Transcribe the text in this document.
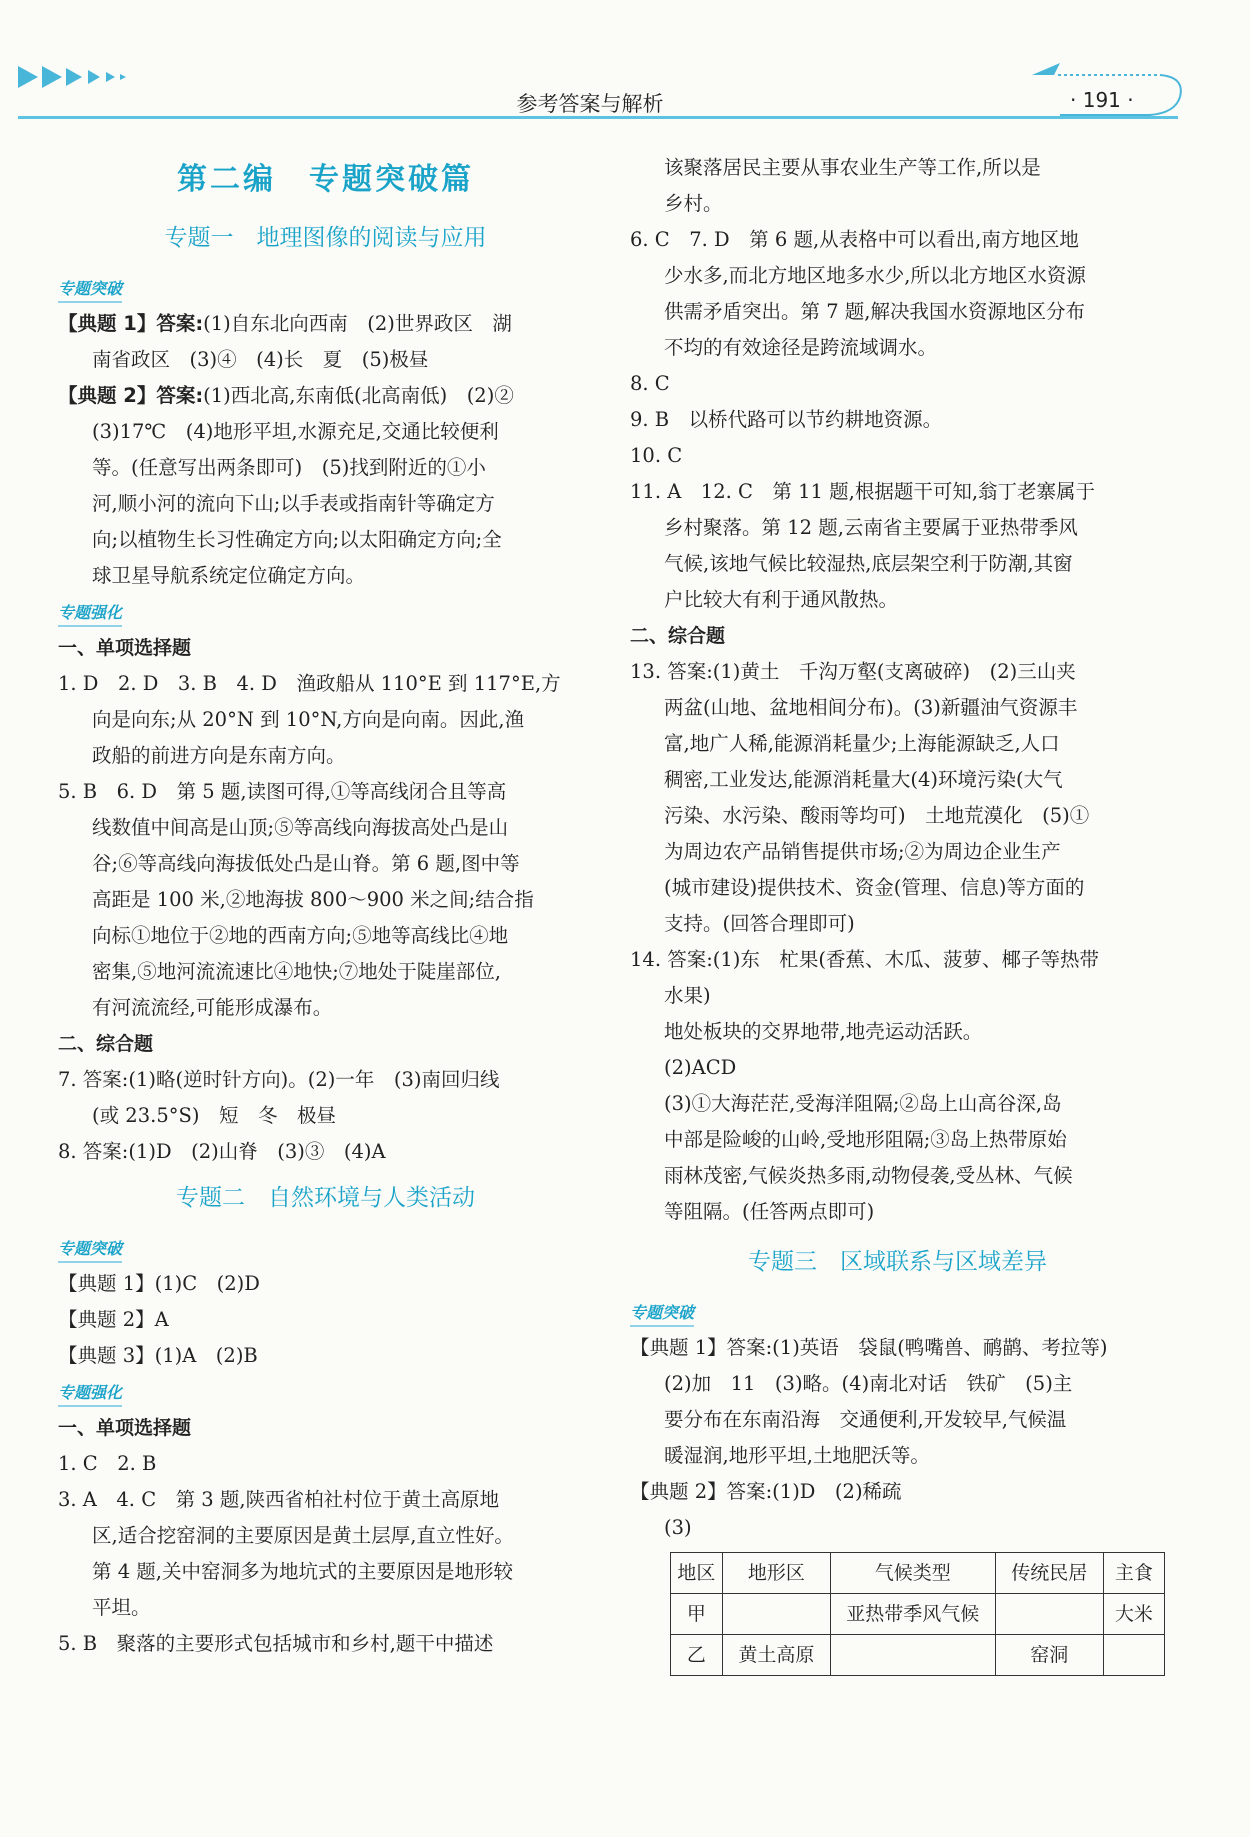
参考答案与解析	· 191 ·
第二编　专题突破篇
专题一　地理图像的阅读与应用
专题突破

【典题 1】答案:(1)自东北向西南　(2)世界政区　湖

南省政区　(3)④　(4)长　夏　(5)极昼

【典题 2】答案:(1)西北高,东南低(北高南低)　(2)②

(3)17℃　(4)地形平坦,水源充足,交通比较便利

等。(任意写出两条即可)　(5)找到附近的①小

河,顺小河的流向下山;以手表或指南针等确定方

向;以植物生长习性确定方向;以太阳确定方向;全

球卫星导航系统定位确定方向。

专题强化

一、单项选择题

1. D　2. D　3. B　4. D　渔政船从 110°E 到 117°E,方

向是向东;从 20°N 到 10°N,方向是向南。因此,渔

政船的前进方向是东南方向。

5. B　6. D　第 5 题,读图可得,①等高线闭合且等高

线数值中间高是山顶;⑤等高线向海拔高处凸是山

谷;⑥等高线向海拔低处凸是山脊。第 6 题,图中等

高距是 100 米,②地海拔 800～900 米之间;结合指

向标①地位于②地的西南方向;⑤地等高线比④地

密集,⑤地河流流速比④地快;⑦地处于陡崖部位,

有河流流经,可能形成瀑布。

二、综合题

7. 答案:(1)略(逆时针方向)。(2)一年　(3)南回归线

(或 23.5°S)　短　冬　极昼

8. 答案:(1)D　(2)山脊　(3)③　(4)A

专题二　自然环境与人类活动
专题突破

【典题 1】(1)C　(2)D

【典题 2】A

【典题 3】(1)A　(2)B

专题强化

一、单项选择题

1. C　2. B

3. A　4. C　第 3 题,陕西省柏社村位于黄土高原地

区,适合挖窑洞的主要原因是黄土层厚,直立性好。

第 4 题,关中窑洞多为地坑式的主要原因是地形较

平坦。

5. B　聚落的主要形式包括城市和乡村,题干中描述

该聚落居民主要从事农业生产等工作,所以是

乡村。

6. C　7. D　第 6 题,从表格中可以看出,南方地区地

少水多,而北方地区地多水少,所以北方地区水资源

供需矛盾突出。第 7 题,解决我国水资源地区分布

不均的有效途径是跨流域调水。

8. C

9. B　以桥代路可以节约耕地资源。

10. C

11. A　12. C　第 11 题,根据题干可知,翁丁老寨属于

乡村聚落。第 12 题,云南省主要属于亚热带季风

气候,该地气候比较湿热,底层架空利于防潮,其窗

户比较大有利于通风散热。

二、综合题

13. 答案:(1)黄土　千沟万壑(支离破碎)　(2)三山夹

两盆(山地、盆地相间分布)。(3)新疆油气资源丰

富,地广人稀,能源消耗量少;上海能源缺乏,人口

稠密,工业发达,能源消耗量大(4)环境污染(大气

污染、水污染、酸雨等均可)　土地荒漠化　(5)①

为周边农产品销售提供市场;②为周边企业生产

(城市建设)提供技术、资金(管理、信息)等方面的

支持。(回答合理即可)

14. 答案:(1)东　杧果(香蕉、木瓜、菠萝、椰子等热带

水果)

地处板块的交界地带,地壳运动活跃。

(2)ACD

(3)①大海茫茫,受海洋阻隔;②岛上山高谷深,岛

中部是险峻的山岭,受地形阻隔;③岛上热带原始

雨林茂密,气候炎热多雨,动物侵袭,受丛林、气候

等阻隔。(任答两点即可)

专题三　区域联系与区域差异
专题突破

【典题 1】答案:(1)英语　袋鼠(鸭嘴兽、鸸鹋、考拉等)

(2)加　11　(3)略。(4)南北对话　铁矿　(5)主

要分布在东南沿海　交通便利,开发较早,气候温

暖湿润,地形平坦,土地肥沃等。

【典题 2】答案:(1)D　(2)稀疏

(3)

地区	地形区	气候类型	传统民居	主食
甲		亚热带季风气候		大米
乙	黄土高原		窑洞	
